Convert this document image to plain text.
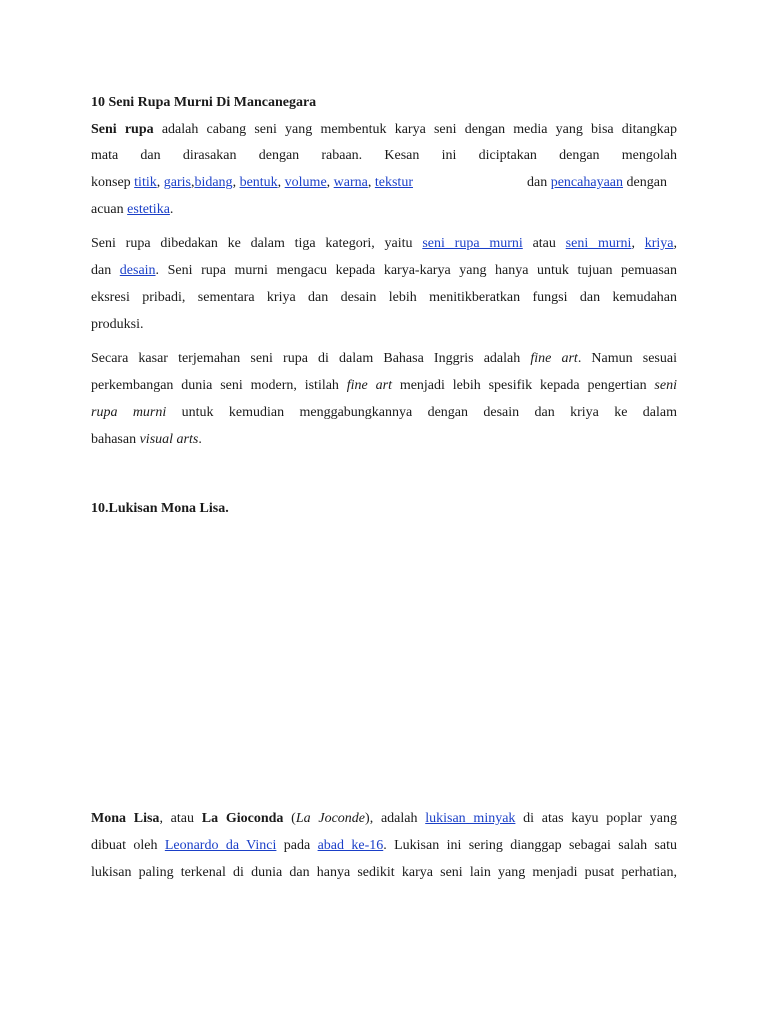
10 Seni Rupa Murni Di Mancanegara
Seni rupa adalah cabang seni yang membentuk karya seni dengan media yang bisa ditangkap
mata dan dirasakan dengan rabaan. Kesan ini diciptakan dengan mengolah
konsep titik, garis,bidang, bentuk, volume, warna, tekstur	dan pencahayaan dengan
acuan estetika.
Seni rupa dibedakan ke dalam tiga kategori, yaitu seni rupa murni atau seni murni, kriya,
dan desain. Seni rupa murni mengacu kepada karya-karya yang hanya untuk tujuan pemuasan
eksresi pribadi, sementara kriya dan desain lebih menitikberatkan fungsi dan kemudahan
produksi.
Secara kasar terjemahan seni rupa di dalam Bahasa Inggris adalah fine art. Namun sesuai
perkembangan dunia seni modern, istilah fine art menjadi lebih spesifik kepada pengertian seni
rupa murni untuk kemudian menggabungkannya dengan desain dan kriya ke dalam
bahasan visual arts.
10.Lukisan Mona Lisa.
Mona Lisa, atau La Gioconda (La Joconde), adalah lukisan minyak di atas kayu poplar yang
dibuat oleh Leonardo da Vinci pada abad ke-16. Lukisan ini sering dianggap sebagai salah satu
lukisan paling terkenal di dunia dan hanya sedikit karya seni lain yang menjadi pusat perhatian,
